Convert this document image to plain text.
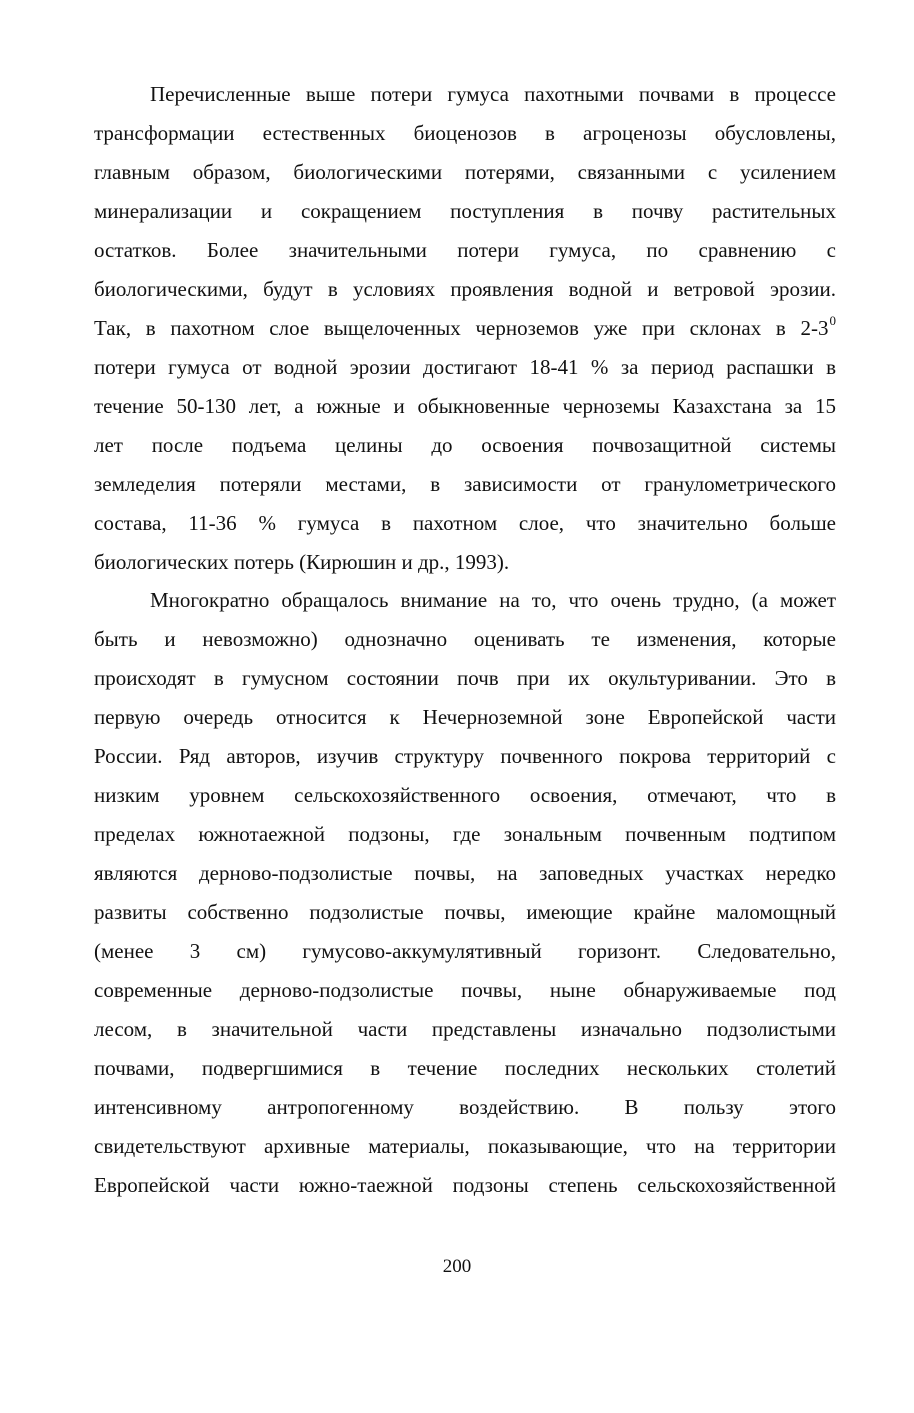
Перечисленные выше потери гумуса пахотными почвами в процессе
трансформации естественных биоценозов в агроценозы обусловлены,
главным образом, биологическими потерями, связанными с усилением
минерализации и сокращением поступления в почву растительных
остатков. Более значительными потери гумуса, по сравнению с
биологическими, будут в условиях проявления водной и ветровой эрозии.
Так, в пахотном слое выщелоченных черноземов уже при склонах в $2-3^0$
потери гумуса от водной эрозии достигают 18-41 % за период распашки в
течение 50-130 лет, а южные и обыкновенные черноземы Казахстана за 15
лет после подъема целины до освоения почвозащитной системы
земледелия потеряли местами, в зависимости от гранулометрического
состава, 11-36 % гумуса в пахотном слое, что значительно больше
биологических потерь (Кирюшин и др., 1993).
Многократно обращалось внимание на то, что очень трудно, (а может
быть и невозможно) однозначно оценивать те изменения, которые
происходят в гумусном состоянии почв при их окультуривании. Это в
первую очередь относится к Нечерноземной зоне Европейской части
России. Ряд авторов, изучив структуру почвенного покрова территорий с
низким уровнем сельскохозяйственного освоения, отмечают, что в
пределах южнотаежной подзоны, где зональным почвенным подтипом
являются дерново-подзолистые почвы, на заповедных участках нередко
развиты собственно подзолистые почвы, имеющие крайне маломощный
(менее 3 см) гумусово-аккумулятивный горизонт. Следовательно,
современные дерново-подзолистые почвы, ныне обнаруживаемые под
лесом, в значительной части представлены изначально подзолистыми
почвами, подвергшимися в течение последних нескольких столетий
интенсивному антропогенному воздействию. В пользу этого
свидетельствуют архивные материалы, показывающие, что на территории
Европейской части южно-таежной подзоны степень сельскохозяйственной
200
